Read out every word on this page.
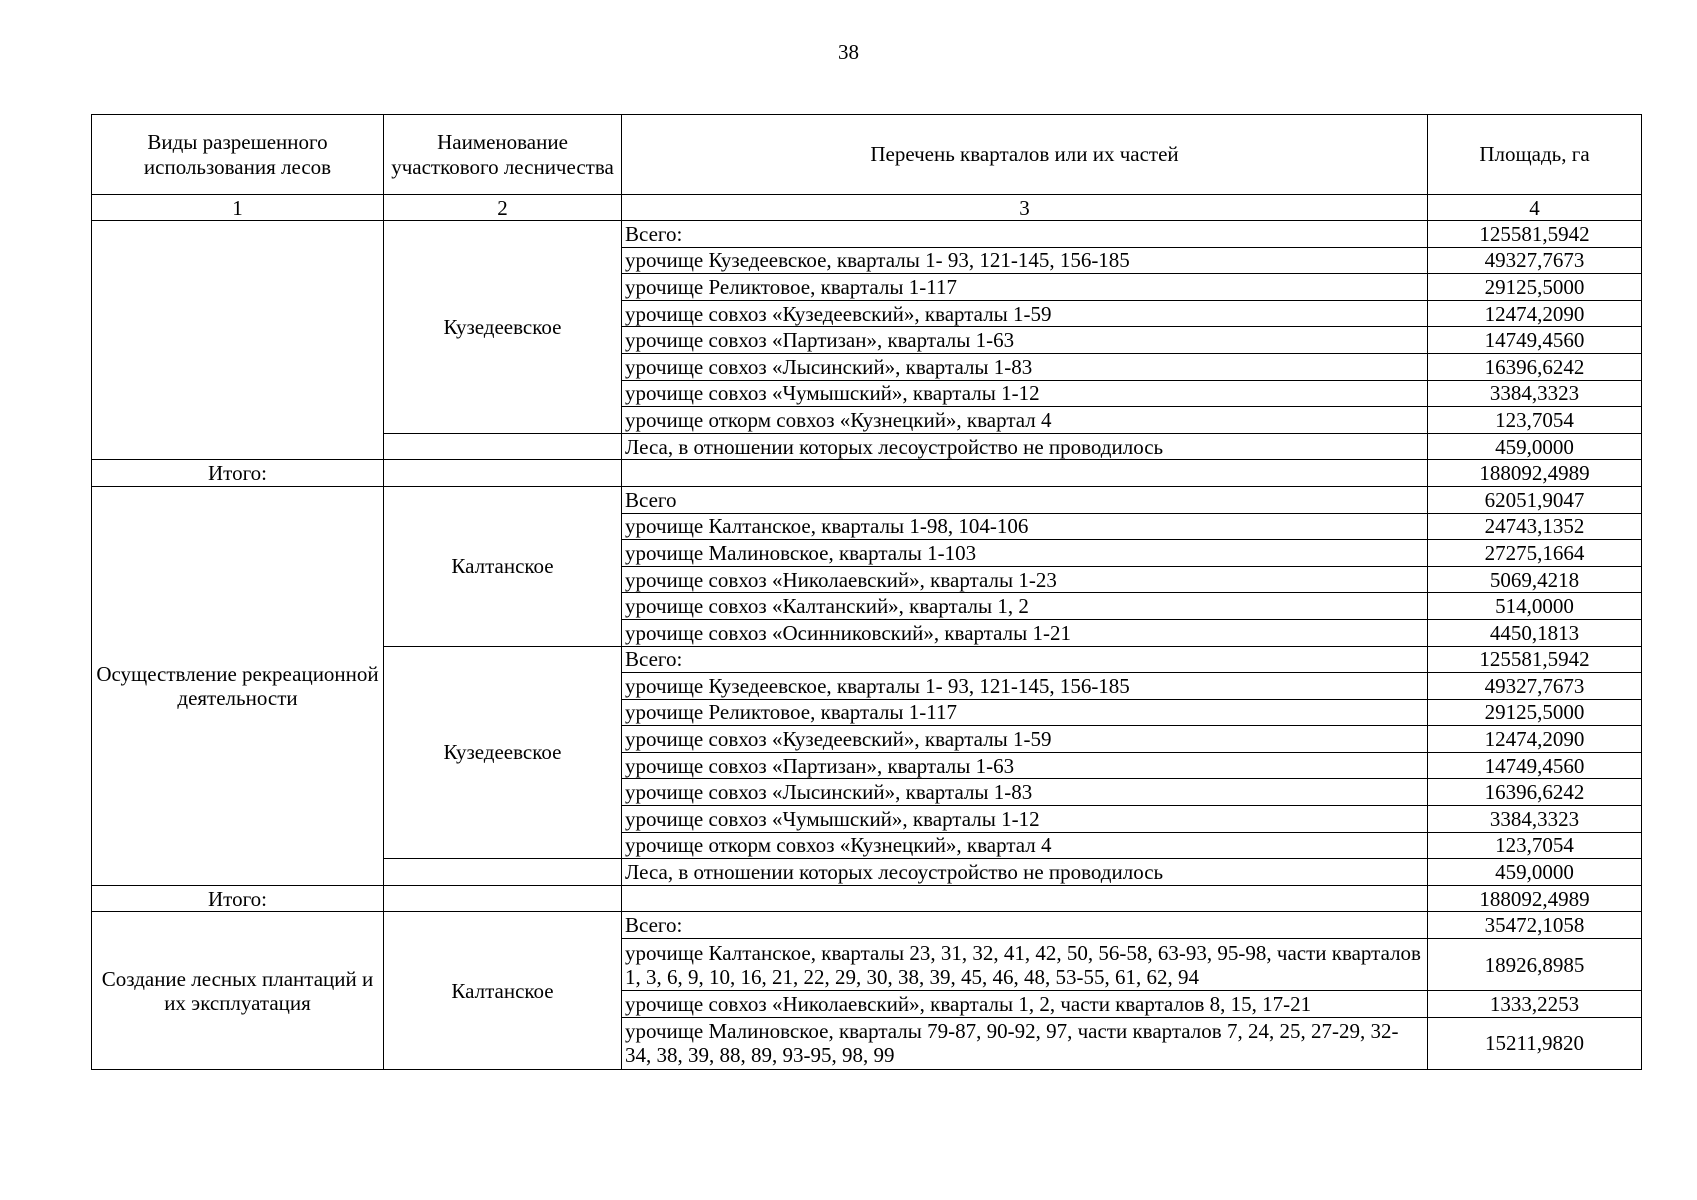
38
Виды разрешенного использования лесов	Наименование участкового лесничества	Перечень кварталов или их частей	Площадь, га
1	2	3	4
	Кузедеевское	Всего:	125581,5942
		урочище Кузедеевское, кварталы 1- 93, 121-145, 156-185	49327,7673
		урочище Реликтовое, кварталы 1-117	29125,5000
		урочище совхоз «Кузедеевский», кварталы 1-59	12474,2090
		урочище совхоз «Партизан», кварталы 1-63	14749,4560
		урочище совхоз «Лысинский», кварталы 1-83	16396,6242
		урочище совхоз «Чумышский», кварталы 1-12	3384,3323
		урочище откорм совхоз «Кузнецкий», квартал 4	123,7054
		Леса, в отношении которых лесоустройство не проводилось	459,0000
Итого:			188092,4989
Осуществление рекреационной деятельности	Калтанское	Всего	62051,9047
		урочище Калтанское, кварталы 1-98, 104-106	24743,1352
		урочище Малиновское, кварталы 1-103	27275,1664
		урочище совхоз «Николаевский», кварталы 1-23	5069,4218
		урочище совхоз «Калтанский», кварталы 1, 2	514,0000
		урочище совхоз «Осинниковский», кварталы 1-21	4450,1813
	Кузедеевское	Всего:	125581,5942
		урочище Кузедеевское, кварталы 1- 93, 121-145, 156-185	49327,7673
		урочище Реликтовое, кварталы 1-117	29125,5000
		урочище совхоз «Кузедеевский», кварталы 1-59	12474,2090
		урочище совхоз «Партизан», кварталы 1-63	14749,4560
		урочище совхоз «Лысинский», кварталы 1-83	16396,6242
		урочище совхоз «Чумышский», кварталы 1-12	3384,3323
		урочище откорм совхоз «Кузнецкий», квартал 4	123,7054
		Леса, в отношении которых лесоустройство не проводилось	459,0000
Итого:			188092,4989
Создание лесных плантаций и их эксплуатация	Калтанское	Всего:	35472,1058
		урочище Калтанское, кварталы 23, 31, 32, 41, 42, 50, 56-58, 63-93, 95-98, части кварталов 1, 3, 6, 9, 10, 16, 21, 22, 29, 30, 38, 39, 45, 46, 48, 53-55, 61, 62, 94	18926,8985
		урочище совхоз «Николаевский», кварталы 1, 2, части кварталов 8, 15, 17-21	1333,2253
		урочище Малиновское, кварталы 79-87, 90-92, 97, части кварталов 7, 24, 25, 27-29, 32-34, 38, 39, 88, 89, 93-95, 98, 99	15211,9820
